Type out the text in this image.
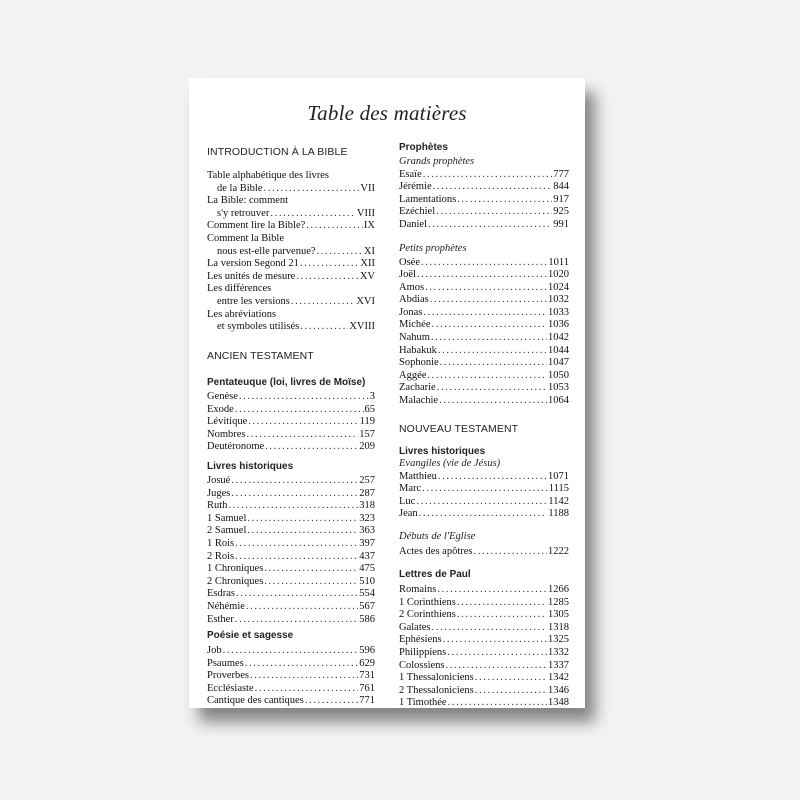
Table des matières
INTRODUCTION À LA BIBLE
Table alphabétique des livres
de la Bible . . .	VII
La Bible: comment
s'y retrouver . . .	VIII
Comment lire la Bible? . . .	IX
Comment la Bible
nous est-elle parvenue? . . .	XI
La version Segond 21 . . .	XII
Les unités de mesure . . .	XV
Les différences
entre les versions . . .	XVI
Les abréviations
et symboles utilisés . . .	XVIII
ANCIEN TESTAMENT
Pentateuque (loi, livres de Moïse)
Genèse . . .	3
Exode . . .	65
Lévitique . . .	119
Nombres . . .	157
Deutéronome . . .	209
Livres historiques
Josué . . .	257
Juges . . .	287
Ruth . . .	318
1 Samuel . . .	323
2 Samuel . . .	363
1 Rois . . .	397
2 Rois . . .	437
1 Chroniques . . .	475
2 Chroniques . . .	510
Esdras . . .	554
Néhémie . . .	567
Esther . . .	586
Poésie et sagesse
Job . . .	596
Psaumes . . .	629
Proverbes . . .	731
Ecclésiaste . . .	761
Cantique des cantiques . . .	771
Prophètes
Grands prophètes
Esaïe . . .	777
Jérémie . . .	844
Lamentations . . .	917
Ezéchiel . . .	925
Daniel . . .	991
Petits prophètes
Osée . . .	1011
Joël . . .	1020
Amos . . .	1024
Abdias . . .	1032
Jonas . . .	1033
Michée . . .	1036
Nahum . . .	1042
Habakuk . . .	1044
Sophonie . . .	1047
Aggée . . .	1050
Zacharie . . .	1053
Malachie . . .	1064
NOUVEAU TESTAMENT
Livres historiques
Evangiles (vie de Jésus)
Matthieu . . .	1071
Marc . . .	1115
Luc . . .	1142
Jean . . .	1188
Débuts de l'Eglise
Actes des apôtres . . .	1222
Lettres de Paul
Romains . . .	1266
1 Corinthiens . . .	1285
2 Corinthiens . . .	1305
Galates . . .	1318
Ephésiens . . .	1325
Philippiens . . .	1332
Colossiens . . .	1337
1 Thessaloniciens . . .	1342
2 Thessaloniciens . . .	1346
1 Timothée . . .	1348
